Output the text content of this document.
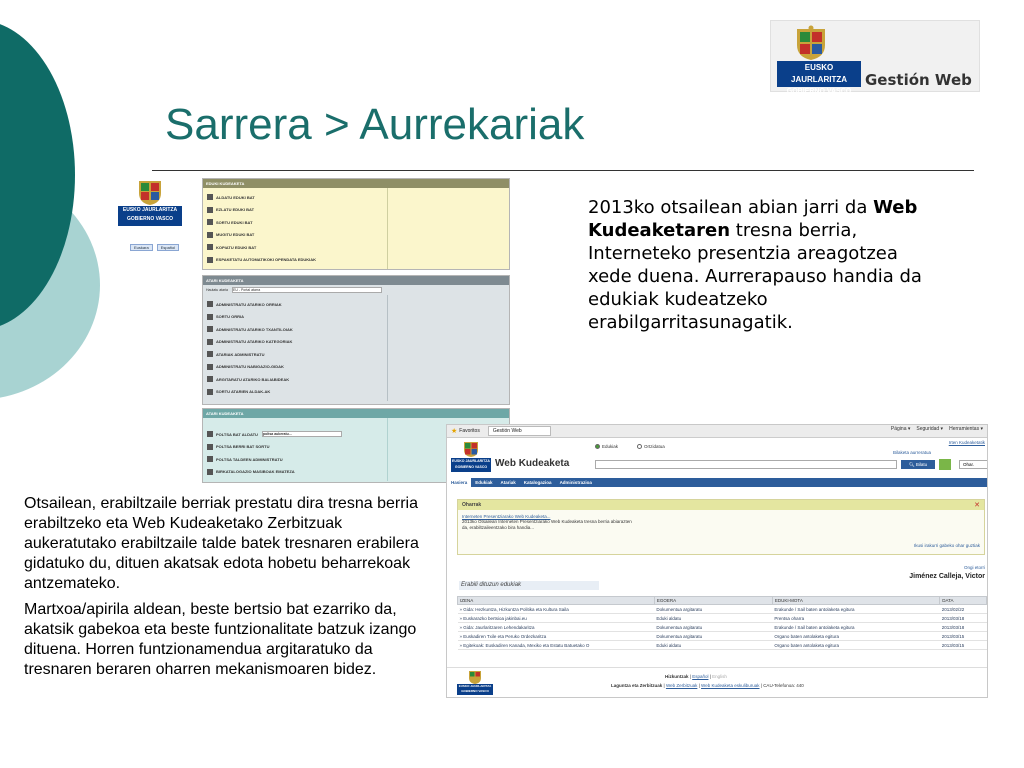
Sarrera > Aurrekariak
EUSKO JAURLARITZA
GOBIERNO VASCO
Gestión Web
2013ko otsailean abian jarri da Web Kudeaketaren tresna berria, Interneteko presentzia areagotzea xede duena. Aurrerapauso handia da edukiak kudeatzeko erabilgarritasunagatik.

Otsailean, erabiltzaile berriak prestatu dira tresna berria erabiltzeko eta Web Kudeaketako Zerbitzuak aukeratutako erabiltzaile talde batek tresnaren erabilera gidatuko du, dituen akatsak edota hobetu beharrekoak antzemateko.

Martxoa/apirila aldean, beste bertsio bat ezarriko da, akatsik gabekoa eta beste funtzionalitate batzuk izango dituena. Horren funtzionamendua argitaratuko da tresnaren beraren oharren mekanismoaren bidez.

EUSKO JAURLARITZA
GOBIERNO VASCO
Euskara	Español
EDUKI KUDEAKETA
ALDATU EDUKI BAT
EZLATU EDUKI BAT
SORTU EDUKI BAT
MUGITU EDUKI BAT
KOPIATU EDUKI BAT
ESPAKETATU AUTOMATIKOKI OPENDATA EDUKIAK
ATARI KUDEAKETA
Hautatu ataria EU - Portal atarra
ADMINISTRATU ATARIKO ORRIAK
SORTU ORRIA
ADMINISTRATU ATARIKO TXANTILOIAK
ADMINISTRATU ATARIKO KATEGORIAK
ATARIAK ADMINISTRATU
ADMINISTRATU NABIGAZIO-GIDAK
ARGITARATU ATARIKO BALIABIDEAK
SORTU ATARIEN ALDAK-AK
ATARI KUDEAKETA
POLTSA BAT ALDATU poltsa aukeratu...
POLTSA BERRI BAT SORTU
POLTSA TALDEEN ADMINISTRATU
BIRKATALOGAZIO MASIBOAK EMATEZA
★ Favoritos	Gestión Web	Página ▾ Seguridad ▾ Herramientas ▾
EUSKO JAURLARITZA
GOBIERNO VASCO Web Kudeaketa
Edukiak	Ortzidatua
🔍︎ Bilatu	Ohar.
Irten Kudeaketatik
Bilaketa aurreratua
Hasiera	Edukiak	Atariak	Katalogazioa	Administrazioa
Oharrak	✕
Interneten Presentziarako Web Kudeaketa...
2013ko Otsailean Interneten Presentziarako Web Kudeaketa tresna berria abiarazten da, erabiltzaileentzako bira handia...
Ikusi irakurri gabeko ohar guztiak
Ongi etorri
Jiménez Calleja, Victor
Erabili dituzun edukiak
IZENA	EGOERA	EDUKI-MOTA	DATA
» Gida: Hezkuntza, Hizkuntza Politika eta Kultura Saila	Dokumentua argitaratu	Erakunde / Sail baten antolaketa egitura	2013/02/22
» Euskarazko bertsioa jakinbai.eu	Eduki aldatu	Prentsa oharra	2013/03/18
» Gida: Jaurlaritzaren Lehendakaritza	Dokumentua argitaratu	Erakunde / Sail baten antolaketa egitura	2013/03/18
» Euskadiren Txile eta Peruko Ordezkaritza	Dokumentua argitaratu	Organo baten antolaketa egitura	2013/03/15
» Egitekoak: Euskadiren Kanada, Mexiko eta Estatu Batuetako O	Eduki aldatu	Organo baten antolaketa egitura	2013/03/15
EUSKO JAURLARITZA
GOBIERNO VASCO
Hizkuntzak | Español | English
Laguntza eta Zerbitzuak | Web Zerbitzuak | Web Kudeaketa eskuliburuak | CAU-Telefonoa: 440
